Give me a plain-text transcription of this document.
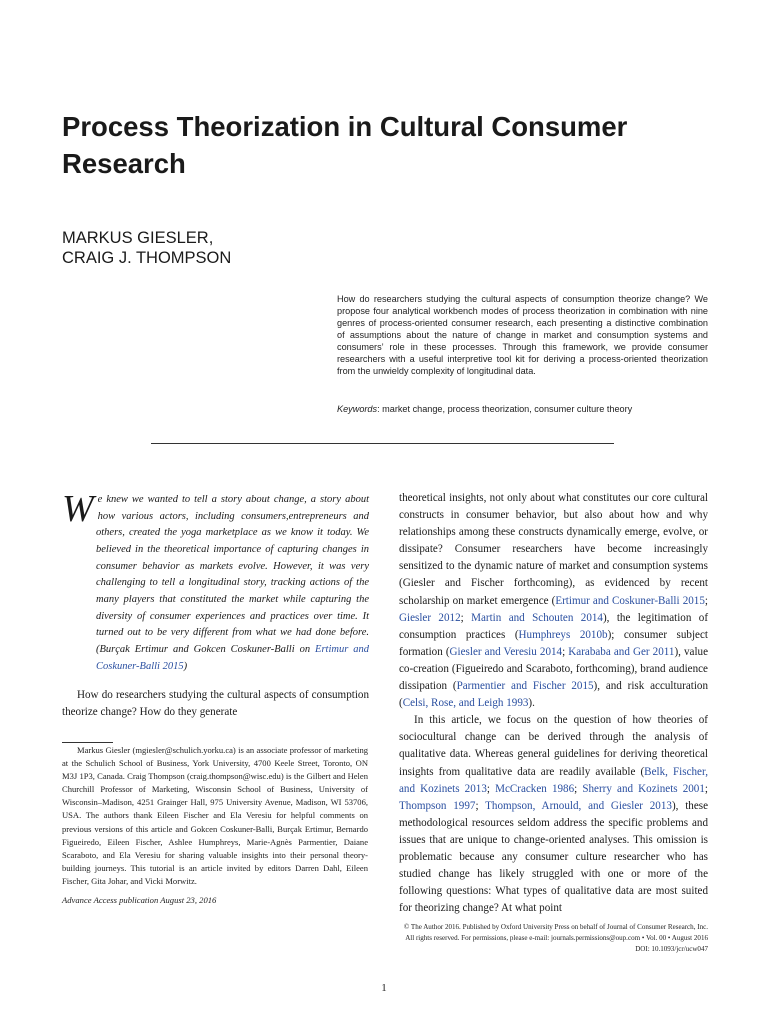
Process Theorization in Cultural Consumer Research
MARKUS GIESLER,
CRAIG J. THOMPSON
How do researchers studying the cultural aspects of consumption theorize change? We propose four analytical workbench modes of process theorization in combination with nine genres of process-oriented consumer research, each presenting a distinctive combination of assumptions about the nature of change in market and consumption systems and consumers’ role in these processes. Through this framework, we provide consumer researchers with a useful interpretive tool kit for deriving a process-oriented theorization from the unwieldy complexity of longitudinal data.
Keywords: market change, process theorization, consumer culture theory
We knew we wanted to tell a story about change, a story about how various actors, including consumers,entrepreneurs and others, created the yoga marketplace as we know it today. We believed in the theoretical importance of capturing changes in consumer behavior as markets evolve. However, it was very challenging to tell a longitudinal story, tracking actions of the many players that constituted the market while capturing the diversity of consumer experiences and practices over time. It turned out to be very different from what we had done before. (Burçak Ertimur and Gokcen Coskuner-Balli on Ertimur and Coskuner-Balli 2015)

How do researchers studying the cultural aspects of consumption theorize change? How do they generate

theoretical insights, not only about what constitutes our core cultural constructs in consumer behavior, but also about how and why relationships among these constructs dynamically emerge, evolve, or dissipate? Consumer researchers have become increasingly sensitized to the dynamic nature of market and consumption systems (Giesler and Fischer forthcoming), as evidenced by recent scholarship on market emergence (Ertimur and Coskuner-Balli 2015; Giesler 2012; Martin and Schouten 2014), the legitimation of consumption practices (Humphreys 2010b); consumer subject formation (Giesler and Veresiu 2014; Karababa and Ger 2011), value co-creation (Figueiredo and Scaraboto, forthcoming), brand audience dissipation (Parmentier and Fischer 2015), and risk acculturation (Celsi, Rose, and Leigh 1993).

In this article, we focus on the question of how theories of sociocultural change can be derived through the analysis of qualitative data. Whereas general guidelines for deriving theoretical insights from qualitative data are readily available (Belk, Fischer, and Kozinets 2013; McCracken 1986; Sherry and Kozinets 2001; Thompson 1997; Thompson, Arnould, and Giesler 2013), these methodological resources seldom address the specific problems and issues that are unique to change-oriented analyses. This omission is problematic because any consumer culture researcher who has studied change has likely struggled with one or more of the following questions: What types of qualitative data are most suited for theorizing change? At what point

Markus Giesler (mgiesler@schulich.yorku.ca) is an associate professor of marketing at the Schulich School of Business, York University, 4700 Keele Street, Toronto, ON M3J 1P3, Canada. Craig Thompson (craig.thompson@wisc.edu) is the Gilbert and Helen Churchill Professor of Marketing, Wisconsin School of Business, University of Wisconsin–Madison, 4251 Grainger Hall, 975 University Avenue, Madison, WI 53706, USA. The authors thank Eileen Fischer and Ela Veresiu for helpful comments on previous versions of this article and Gokcen Coskuner-Balli, Burçak Ertimur, Bernardo Figueiredo, Eileen Fischer, Ashlee Humphreys, Marie-Agnès Parmentier, Daiane Scaraboto, and Ela Veresiu for sharing valuable insights into their personal theory-building journeys. This tutorial is an article invited by editors Darren Dahl, Eileen Fischer, Gita Johar, and Vicki Morwitz.
Advance Access publication August 23, 2016
© The Author 2016. Published by Oxford University Press on behalf of Journal of Consumer Research, Inc.
All rights reserved. For permissions, please e-mail: journals.permissions@oup.com • Vol. 00 • August 2016
DOI: 10.1093/jcr/ucw047
1
